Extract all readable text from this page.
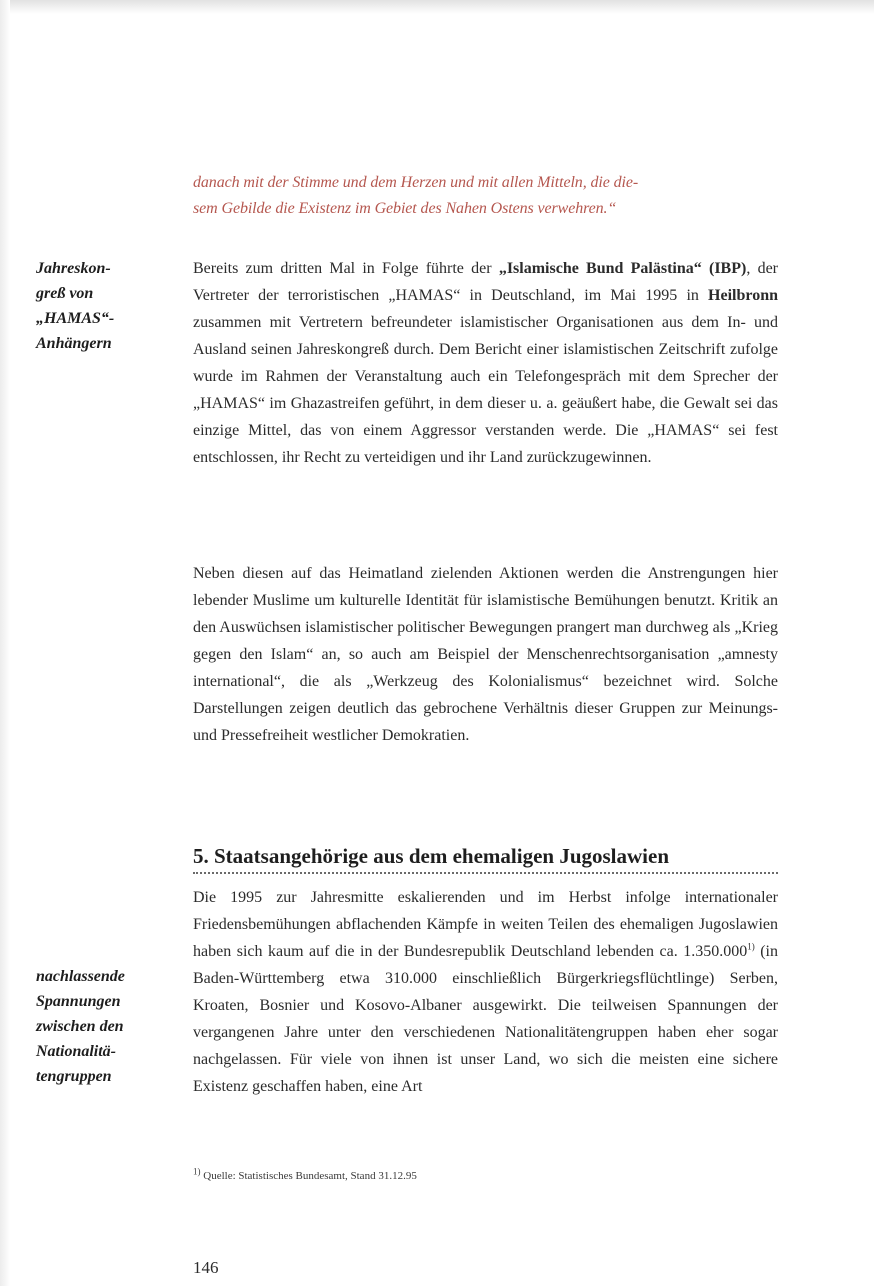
danach mit der Stimme und dem Herzen und mit allen Mitteln, die die-
sem Gebilde die Existenz im Gebiet des Nahen Ostens verwehren.“

Jahreskon-
greß von
„HAMAS“-
Anhängern

Bereits zum dritten Mal in Folge führte der „Islamische Bund Palästina“ (IBP), der Vertreter der terroristischen „HAMAS“ in Deutschland, im Mai 1995 in Heilbronn zusammen mit Vertretern befreundeter islamistischer Organisationen aus dem In- und Ausland seinen Jahreskongreß durch. Dem Bericht einer islamistischen Zeitschrift zufolge wurde im Rahmen der Veranstaltung auch ein Telefongespräch mit dem Sprecher der „HAMAS“ im Ghazastreifen geführt, in dem dieser u. a. geäußert habe, die Gewalt sei das einzige Mittel, das von einem Aggressor verstanden werde. Die „HAMAS“ sei fest entschlossen, ihr Recht zu verteidigen und ihr Land zurückzugewinnen.

Neben diesen auf das Heimatland zielenden Aktionen werden die Anstrengungen hier lebender Muslime um kulturelle Identität für islamistische Bemühungen benutzt. Kritik an den Auswüchsen islamistischer politischer Bewegungen prangert man durchweg als „Krieg gegen den Islam“ an, so auch am Beispiel der Menschenrechtsorganisation „amnesty international“, die als „Werkzeug des Kolonialismus“ bezeichnet wird. Solche Darstellungen zeigen deutlich das gebrochene Verhältnis dieser Gruppen zur Meinungs- und Pressefreiheit westlicher Demokratien.

5. Staatsangehörige aus dem ehemaligen Jugoslawien

nachlassende
Spannungen
zwischen den
Nationalitä-
tengruppen

Die 1995 zur Jahresmitte eskalierenden und im Herbst infolge internationaler Friedensbemühungen abflachenden Kämpfe in weiten Teilen des ehemaligen Jugoslawien haben sich kaum auf die in der Bundesrepublik Deutschland lebenden ca. 1.350.000$^{1)}$ (in Baden-Württemberg etwa 310.000 einschließlich Bürgerkriegsflüchtlinge) Serben, Kroaten, Bosnier und Kosovo-Albaner ausgewirkt. Die teilweisen Spannungen der vergangenen Jahre unter den verschiedenen Nationalitätengruppen haben eher sogar nachgelassen. Für viele von ihnen ist unser Land, wo sich die meisten eine sichere Existenz geschaffen haben, eine Art

$^{1)}$ Quelle: Statistisches Bundesamt, Stand 31.12.95

146
